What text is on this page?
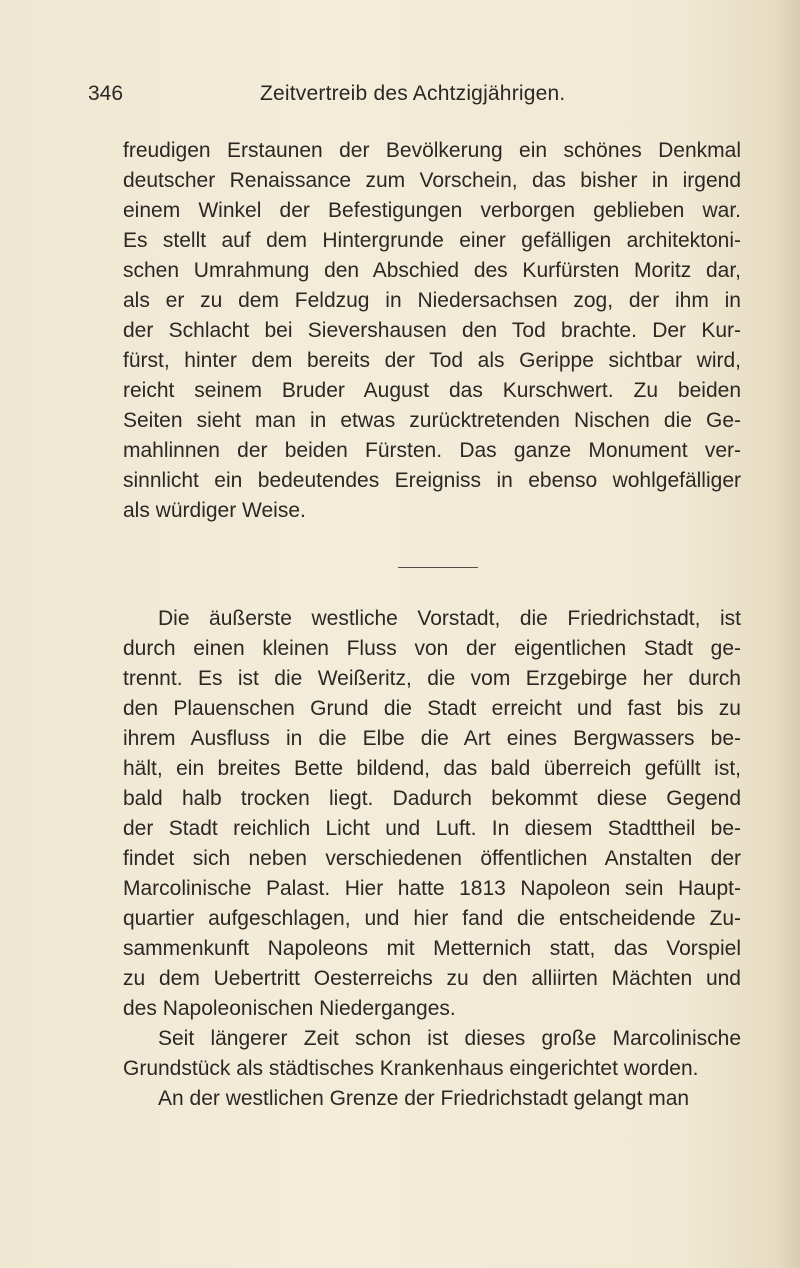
346	Zeitvertreib des Achtzigjährigen.
freudigen Erstaunen der Bevölkerung ein schönes Denkmal
deutscher Renaissance zum Vorschein, das bisher in irgend
einem Winkel der Befestigungen verborgen geblieben war.
Es stellt auf dem Hintergrunde einer gefälligen architektoni-
schen Umrahmung den Abschied des Kurfürsten Moritz dar,
als er zu dem Feldzug in Niedersachsen zog, der ihm in
der Schlacht bei Sievershausen den Tod brachte. Der Kur-
fürst, hinter dem bereits der Tod als Gerippe sichtbar wird,
reicht seinem Bruder August das Kurschwert. Zu beiden
Seiten sieht man in etwas zurücktretenden Nischen die Ge-
mahlinnen der beiden Fürsten. Das ganze Monument ver-
sinnlicht ein bedeutendes Ereigniss in ebenso wohlgefälliger
als würdiger Weise.
Die äußerste westliche Vorstadt, die Friedrichstadt, ist
durch einen kleinen Fluss von der eigentlichen Stadt ge-
trennt. Es ist die Weißeritz, die vom Erzgebirge her durch
den Plauenschen Grund die Stadt erreicht und fast bis zu
ihrem Ausfluss in die Elbe die Art eines Bergwassers be-
hält, ein breites Bette bildend, das bald überreich gefüllt ist,
bald halb trocken liegt. Dadurch bekommt diese Gegend
der Stadt reichlich Licht und Luft. In diesem Stadttheil be-
findet sich neben verschiedenen öffentlichen Anstalten der
Marcolinische Palast. Hier hatte 1813 Napoleon sein Haupt-
quartier aufgeschlagen, und hier fand die entscheidende Zu-
sammenkunft Napoleons mit Metternich statt, das Vorspiel
zu dem Uebertritt Oesterreichs zu den alliirten Mächten und
des Napoleonischen Niederganges.
Seit längerer Zeit schon ist dieses große Marcolinische
Grundstück als städtisches Krankenhaus eingerichtet worden.
An der westlichen Grenze der Friedrichstadt gelangt man
